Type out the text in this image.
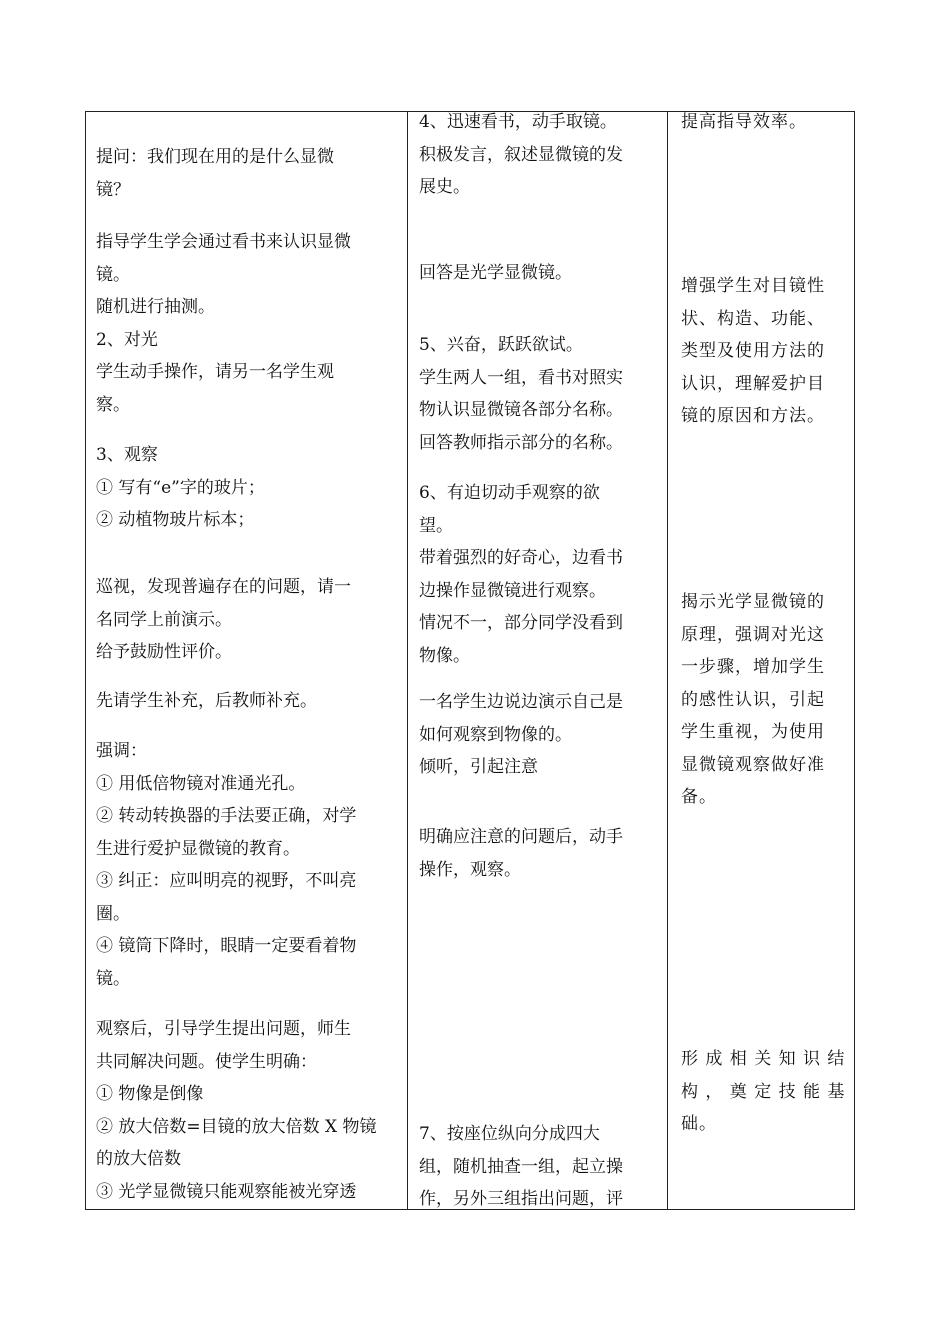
提问：我们现在用的是什么显微
镜？
指导学生学会通过看书来认识显微
镜。
随机进行抽测。
2、对光
学生动手操作，请另一名学生观
察。
3、观察
① 写有“e”字的玻片；
② 动植物玻片标本；
巡视，发现普遍存在的问题，请一
名同学上前演示。
给予鼓励性评价。
先请学生补充，后教师补充。
强调：
① 用低倍物镜对准通光孔。
② 转动转换器的手法要正确，对学
生进行爱护显微镜的教育。
③ 纠正：应叫明亮的视野，不叫亮
圈。
④ 镜筒下降时，眼睛一定要看着物
镜。
观察后，引导学生提出问题，师生
共同解决问题。使学生明确：
① 物像是倒像
② 放大倍数=目镜的放大倍数 X 物镜
的放大倍数
③ 光学显微镜只能观察能被光穿透
4、迅速看书，动手取镜。
积极发言，叙述显微镜的发
展史。
回答是光学显微镜。
5、兴奋，跃跃欲试。
学生两人一组，看书对照实
物认识显微镜各部分名称。
回答教师指示部分的名称。
6、有迫切动手观察的欲
望。
带着强烈的好奇心，边看书
边操作显微镜进行观察。
情况不一，部分同学没看到
物像。
一名学生边说边演示自己是
如何观察到物像的。
倾听，引起注意
明确应注意的问题后，动手
操作，观察。
7、按座位纵向分成四大
组，随机抽查一组，起立操
作，另外三组指出问题，评
提高指导效率。
增强学生对目镜性
状、构造、功能、
类型及使用方法的
认识，理解爱护目
镜的原因和方法。
揭示光学显微镜的
原理，强调对光这
一步骤，增加学生
的感性认识，引起
学生重视，为使用
显微镜观察做好准
备。
形 成 相 关 知 识 结
构 ， 奠 定 技 能 基
础。
